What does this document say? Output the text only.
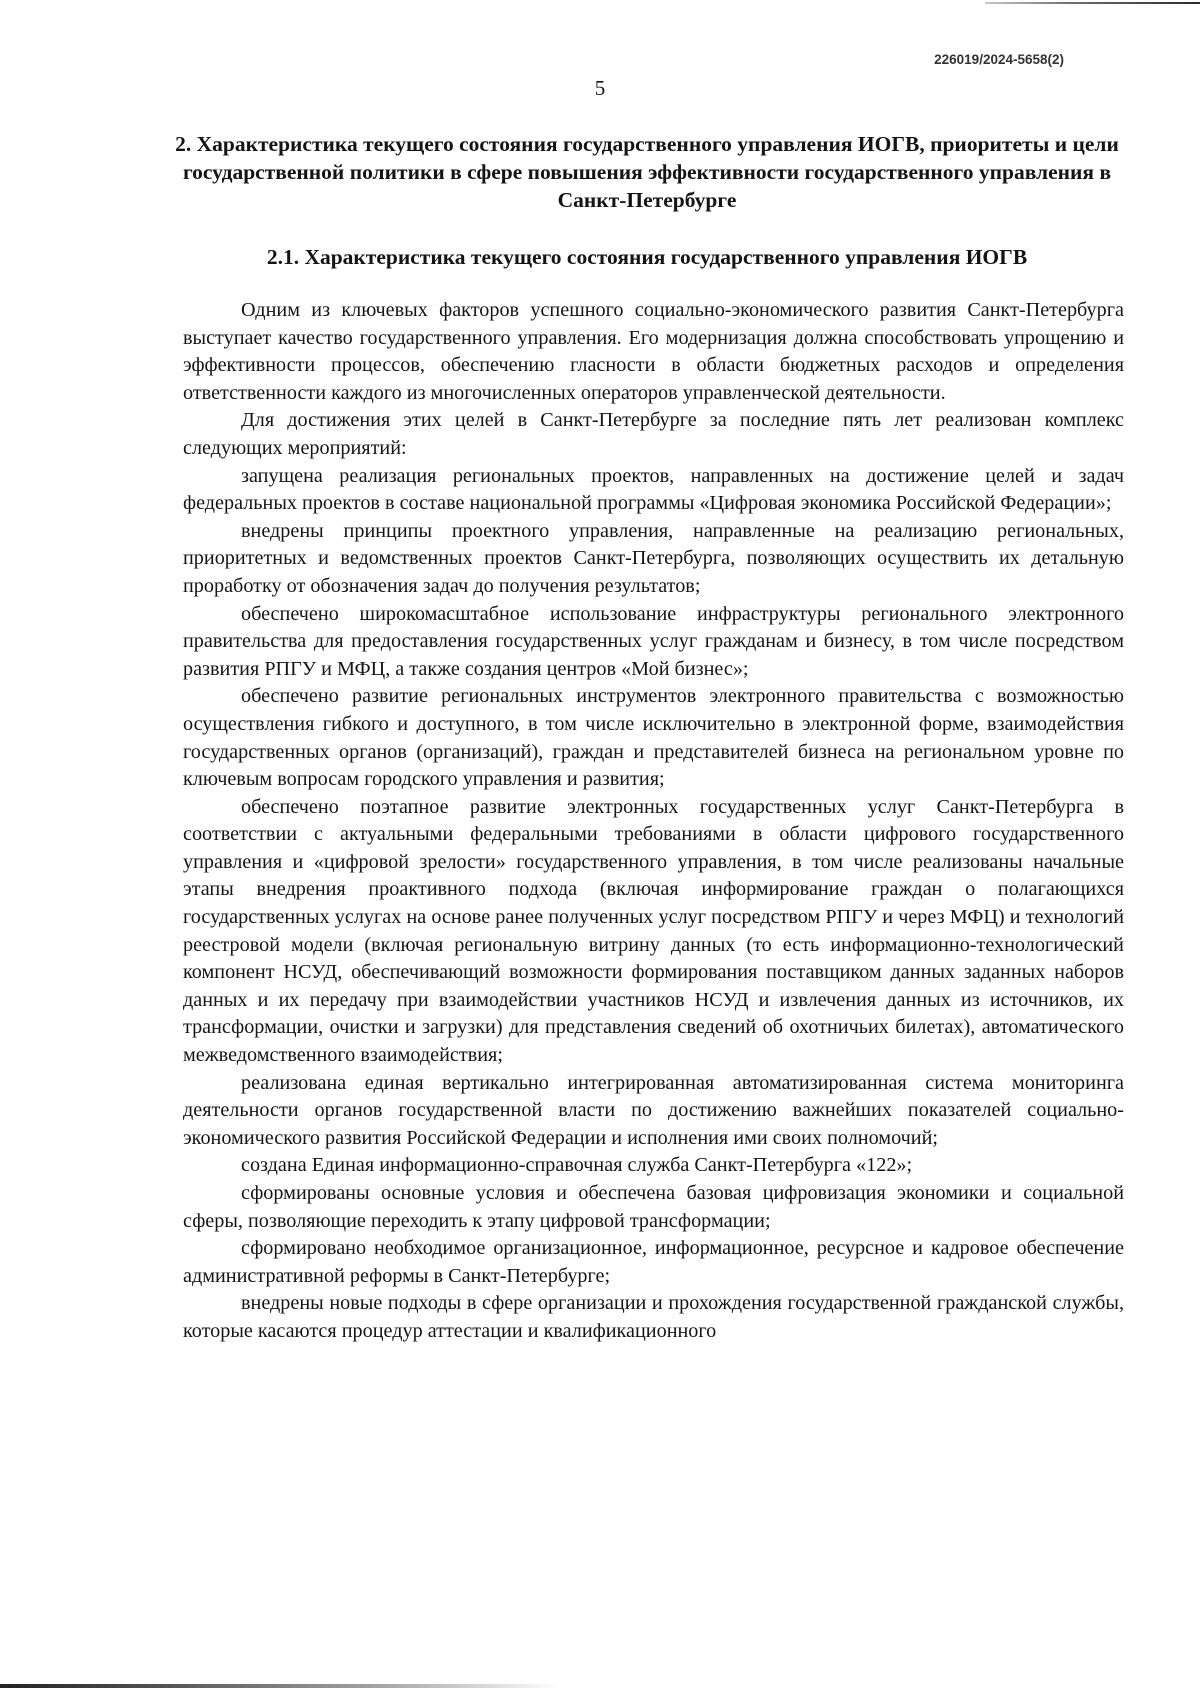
226019/2024-5658(2)
5
2. Характеристика текущего состояния государственного управления ИОГВ, приоритеты и цели государственной политики в сфере повышения эффективности государственного управления в Санкт-Петербурге
2.1. Характеристика текущего состояния государственного управления ИОГВ

Одним из ключевых факторов успешного социально-экономического развития Санкт-Петербурга выступает качество государственного управления. Его модернизация должна способствовать упрощению и эффективности процессов, обеспечению гласности в области бюджетных расходов и определения ответственности каждого из многочисленных операторов управленческой деятельности.

Для достижения этих целей в Санкт-Петербурге за последние пять лет реализован комплекс следующих мероприятий:

запущена реализация региональных проектов, направленных на достижение целей и задач федеральных проектов в составе национальной программы «Цифровая экономика Российской Федерации»;

внедрены принципы проектного управления, направленные на реализацию региональных, приоритетных и ведомственных проектов Санкт-Петербурга, позволяющих осуществить их детальную проработку от обозначения задач до получения результатов;

обеспечено широкомасштабное использование инфраструктуры регионального электронного правительства для предоставления государственных услуг гражданам и бизнесу, в том числе посредством развития РПГУ и МФЦ, а также создания центров «Мой бизнес»;

обеспечено развитие региональных инструментов электронного правительства с возможностью осуществления гибкого и доступного, в том числе исключительно в электронной форме, взаимодействия государственных органов (организаций), граждан и представителей бизнеса на региональном уровне по ключевым вопросам городского управления и развития;

обеспечено поэтапное развитие электронных государственных услуг Санкт-Петербурга в соответствии с актуальными федеральными требованиями в области цифрового государственного управления и «цифровой зрелости» государственного управления, в том числе реализованы начальные этапы внедрения проактивного подхода (включая информирование граждан о полагающихся государственных услугах на основе ранее полученных услуг посредством РПГУ и через МФЦ) и технологий реестровой модели (включая региональную витрину данных (то есть информационно-технологический компонент НСУД, обеспечивающий возможности формирования поставщиком данных заданных наборов данных и их передачу при взаимодействии участников НСУД и извлечения данных из источников, их трансформации, очистки и загрузки) для представления сведений об охотничьих билетах), автоматического межведомственного взаимодействия;

реализована единая вертикально интегрированная автоматизированная система мониторинга деятельности органов государственной власти по достижению важнейших показателей социально-экономического развития Российской Федерации и исполнения ими своих полномочий;

создана Единая информационно-справочная служба Санкт-Петербурга «122»;

сформированы основные условия и обеспечена базовая цифровизация экономики и социальной сферы, позволяющие переходить к этапу цифровой трансформации;

сформировано необходимое организационное, информационное, ресурсное и кадровое обеспечение административной реформы в Санкт-Петербурге;

внедрены новые подходы в сфере организации и прохождения государственной гражданской службы, которые касаются процедур аттестации и квалификационного
